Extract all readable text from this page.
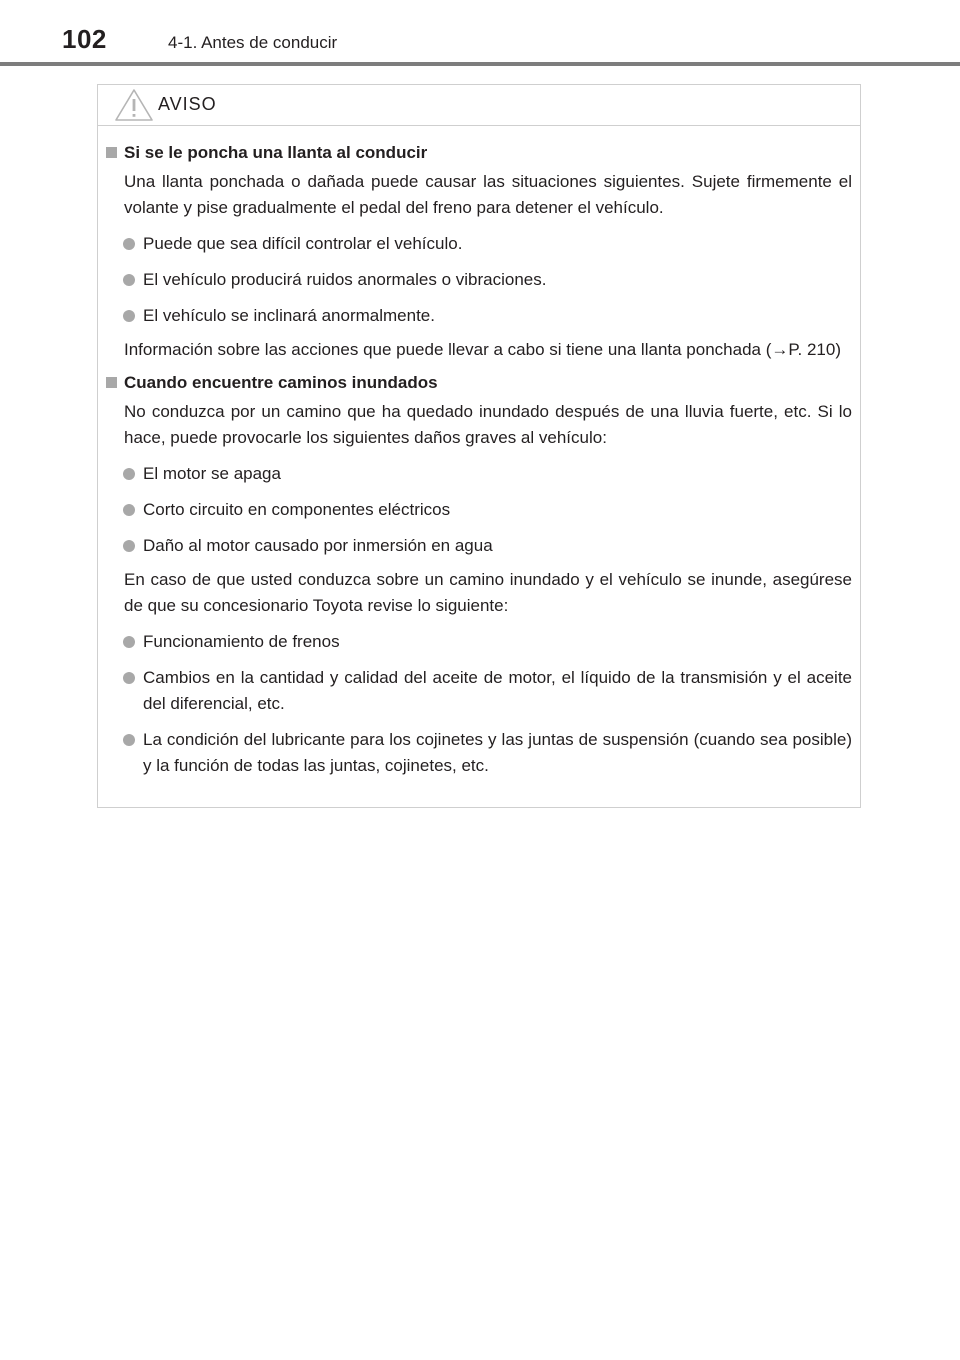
102	4-1. Antes de conducir
AVISO
Si se le poncha una llanta al conducir

Una llanta ponchada o dañada puede causar las situaciones siguientes. Sujete firmemente el volante y pise gradualmente el pedal del freno para detener el vehículo.

Puede que sea difícil controlar el vehículo.
El vehículo producirá ruidos anormales o vibraciones.
El vehículo se inclinará anormalmente.

Información sobre las acciones que puede llevar a cabo si tiene una llanta ponchada (→P. 210)

Cuando encuentre caminos inundados

No conduzca por un camino que ha quedado inundado después de una lluvia fuerte, etc. Si lo hace, puede provocarle los siguientes daños graves al vehículo:

El motor se apaga
Corto circuito en componentes eléctricos
Daño al motor causado por inmersión en agua

En caso de que usted conduzca sobre un camino inundado y el vehículo se inunde, asegúrese de que su concesionario Toyota revise lo siguiente:

Funcionamiento de frenos
Cambios en la cantidad y calidad del aceite de motor, el líquido de la transmisión y el aceite del diferencial, etc.
La condición del lubricante para los cojinetes y las juntas de suspensión (cuando sea posible) y la función de todas las juntas, cojinetes, etc.
